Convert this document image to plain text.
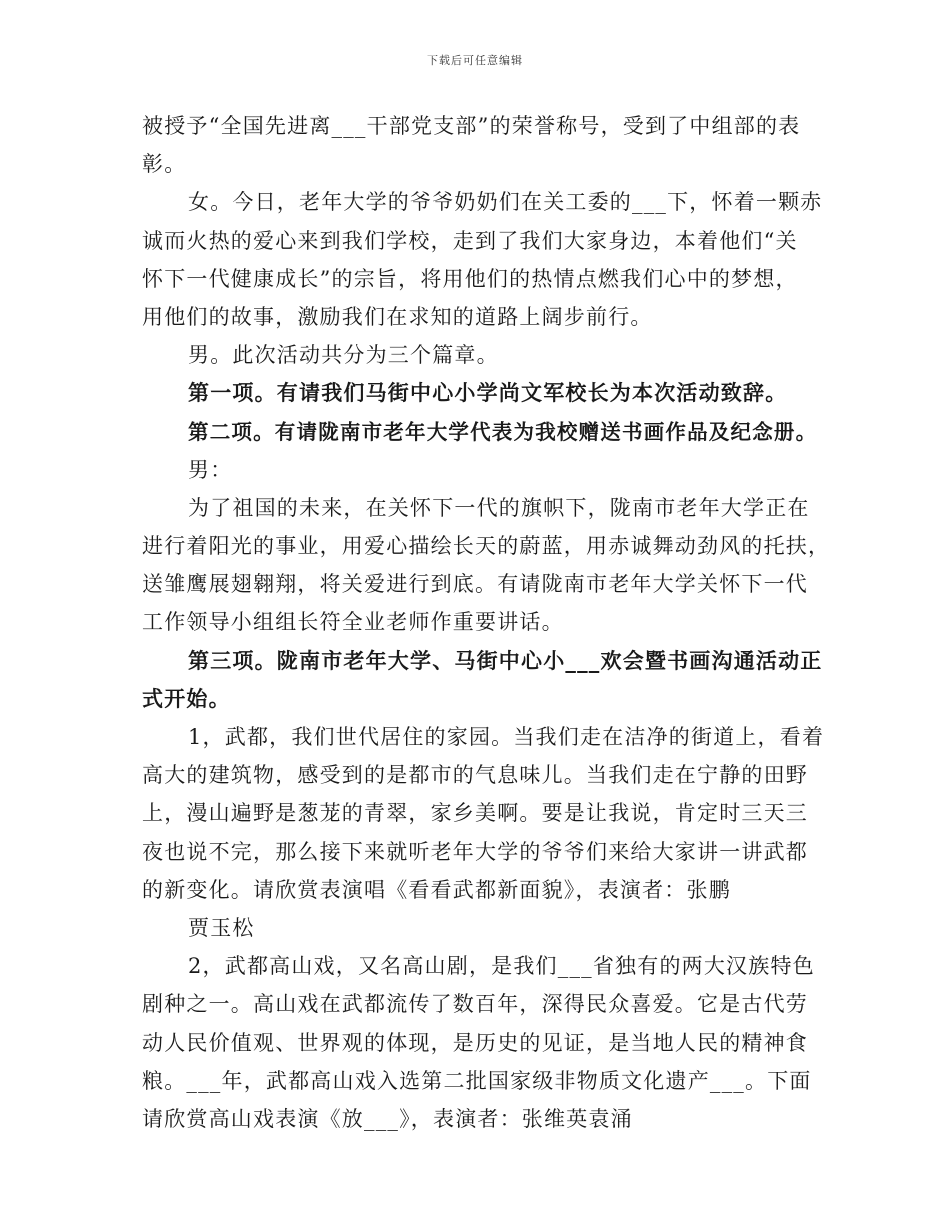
下载后可任意编辑
被授予“全国先进离___干部党支部”的荣誉称号，受到了中组部的表
彰。
女。今日，老年大学的爷爷奶奶们在关工委的___下，怀着一颗赤
诚而火热的爱心来到我们学校，走到了我们大家身边，本着他们“关
怀下一代健康成长”的宗旨，将用他们的热情点燃我们心中的梦想，
用他们的故事，激励我们在求知的道路上阔步前行。
男。此次活动共分为三个篇章。
第一项。有请我们马街中心小学尚文军校长为本次活动致辞。
第二项。有请陇南市老年大学代表为我校赠送书画作品及纪念册。
男：
为了祖国的未来，在关怀下一代的旗帜下，陇南市老年大学正在
进行着阳光的事业，用爱心描绘长天的蔚蓝，用赤诚舞动劲风的托扶，
送雏鹰展翅翱翔，将关爱进行到底。有请陇南市老年大学关怀下一代
工作领导小组组长符全业老师作重要讲话。
第三项。陇南市老年大学、马街中心小___欢会暨书画沟通活动正
式开始。
1，武都，我们世代居住的家园。当我们走在洁净的街道上，看着
高大的建筑物，感受到的是都市的气息味儿。当我们走在宁静的田野
上，漫山遍野是葱茏的青翠，家乡美啊。要是让我说，肯定时三天三
夜也说不完，那么接下来就听老年大学的爷爷们来给大家讲一讲武都
的新变化。请欣赏表演唱《看看武都新面貌》，表演者：张鹏
贾玉松
2，武都高山戏，又名高山剧，是我们___省独有的两大汉族特色
剧种之一。高山戏在武都流传了数百年，深得民众喜爱。它是古代劳
动人民价值观、世界观的体现，是历史的见证，是当地人民的精神食
粮。___年，武都高山戏入选第二批国家级非物质文化遗产___。下面
请欣赏高山戏表演《放___》，表演者：张维英袁涌
